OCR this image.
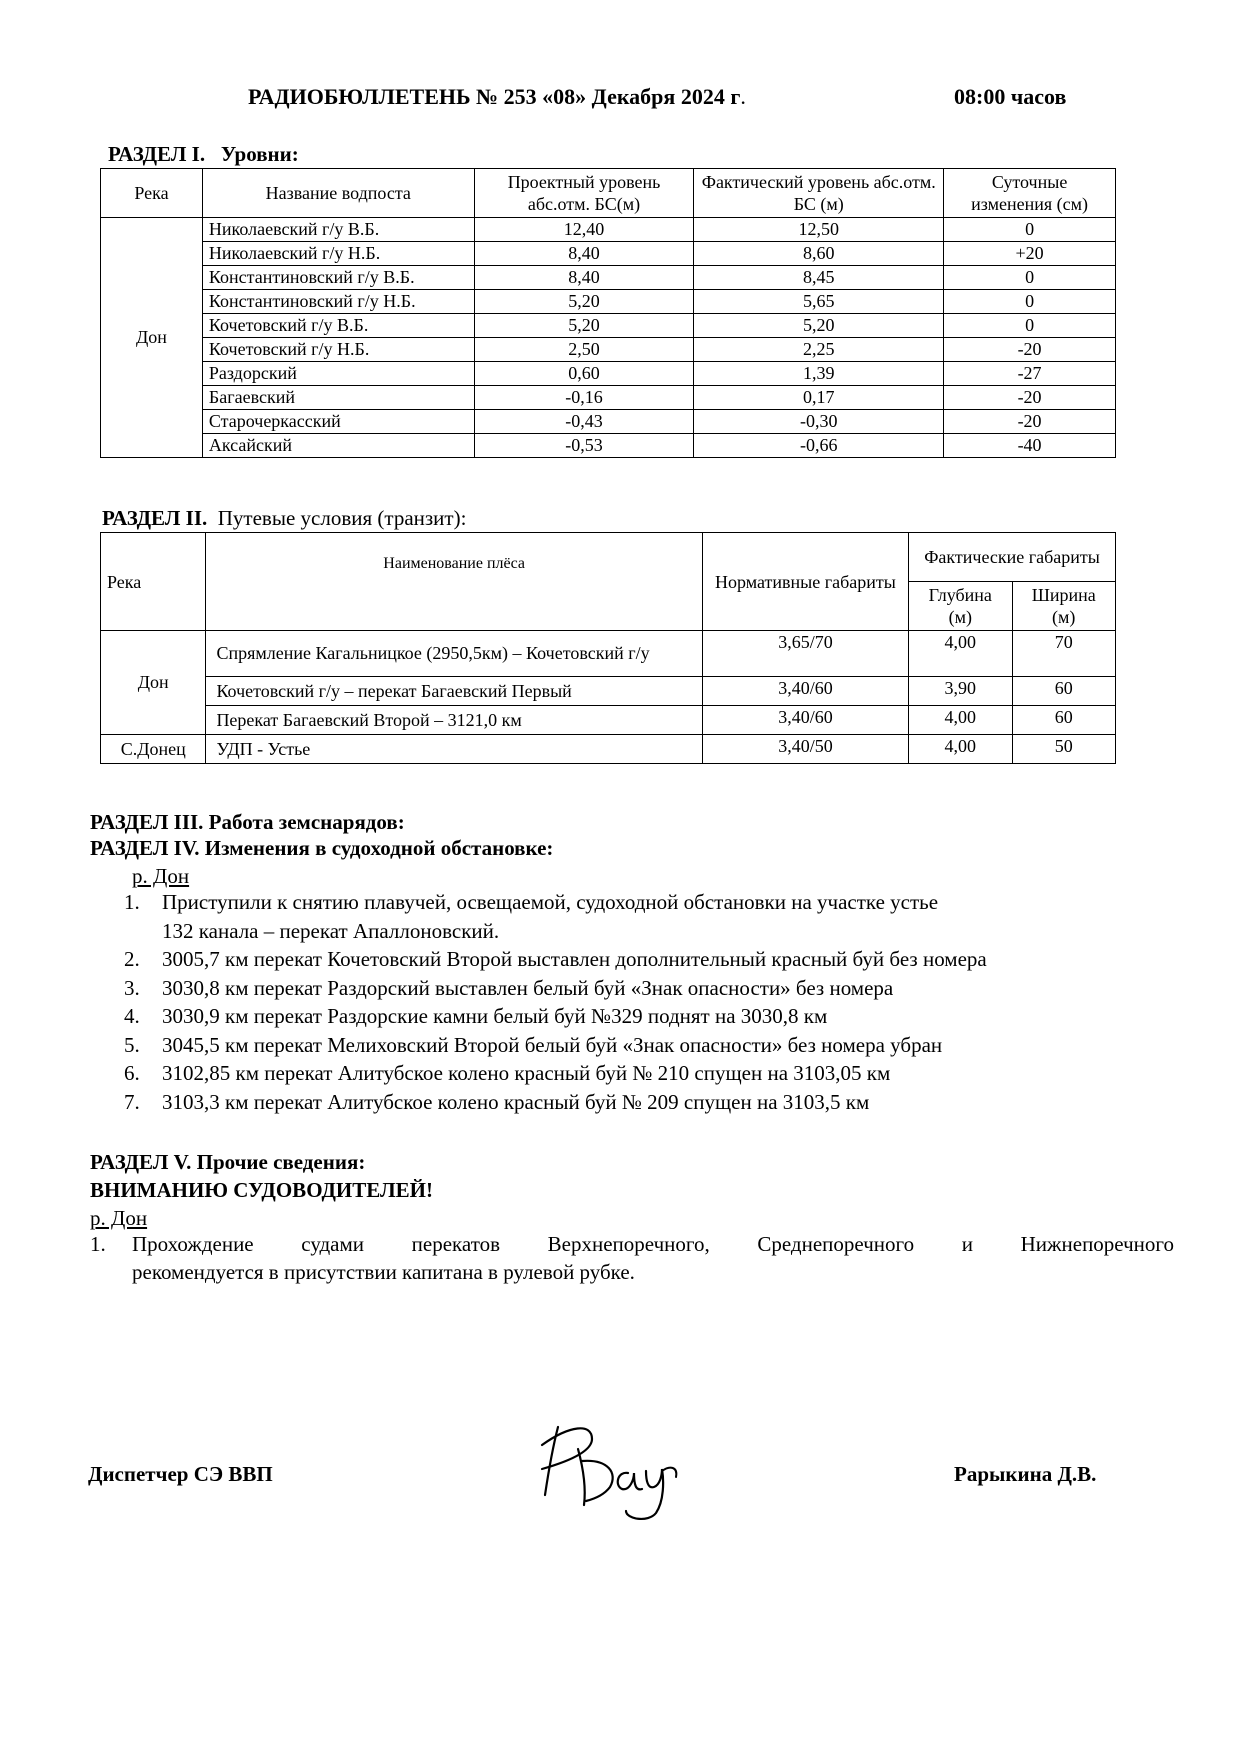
РАДИОБЮЛЛЕТЕНЬ № 253 «08» Декабря 2024 г.	08:00 часов
РАЗДЕЛ I. Уровни:
Река	Название водпоста	Проектный уровень абс.отм. БС(м)	Фактический уровень абс.отм. БС (м)	Суточные изменения (см)
Дон	Николаевский г/у В.Б.	12,40	12,50	0
	Николаевский г/у Н.Б.	8,40	8,60	+20
	Константиновский г/у В.Б.	8,40	8,45	0
	Константиновский г/у Н.Б.	5,20	5,65	0
	Кочетовский г/у В.Б.	5,20	5,20	0
	Кочетовский г/у Н.Б.	2,50	2,25	-20
	Раздорский	0,60	1,39	-27
	Багаевский	-0,16	0,17	-20
	Старочеркасский	-0,43	-0,30	-20
	Аксайский	-0,53	-0,66	-40
РАЗДЕЛ II. Путевые условия (транзит):
Река	Наименование плёса	Нормативные габариты	Фактические габариты	
			Глубина (м)	Ширина (м)
Дон	Спрямление Кагальницкое (2950,5км) – Кочетовский г/у	3,65/70	4,00	70
	Кочетовский г/у – перекат Багаевский Первый	3,40/60	3,90	60
	Перекат Багаевский Второй – 3121,0 км	3,40/60	4,00	60
С.Донец	УДП - Устье	3,40/50	4,00	50
РАЗДЕЛ III. Работа земснарядов:
РАЗДЕЛ IV. Изменения в судоходной обстановке:
р. Дон
1. Приступили к снятию плавучей, освещаемой, судоходной обстановки на участке устье
132 канала – перекат Апаллоновский.
2. 3005,7 км перекат Кочетовский Второй выставлен дополнительный красный буй без номера
3. 3030,8 км перекат Раздорский выставлен белый буй «Знак опасности» без номера
4. 3030,9 км перекат Раздорские камни белый буй №329 поднят на 3030,8 км
5. 3045,5 км перекат Мелиховский Второй белый буй «Знак опасности» без номера убран
6. 3102,85 км перекат Алитубское колено красный буй № 210 спущен на 3103,05 км
7. 3103,3 км перекат Алитубское колено красный буй № 209 спущен на 3103,5 км
РАЗДЕЛ V. Прочие сведения:
ВНИМАНИЮ СУДОВОДИТЕЛЕЙ!
р. Дон
1. Прохождение судами перекатов Верхнепоречного, Среднепоречного и Нижнепоречного
рекомендуется в присутствии капитана в рулевой рубке.
Диспетчер СЭ ВВП	Рарыкина Д.В.
